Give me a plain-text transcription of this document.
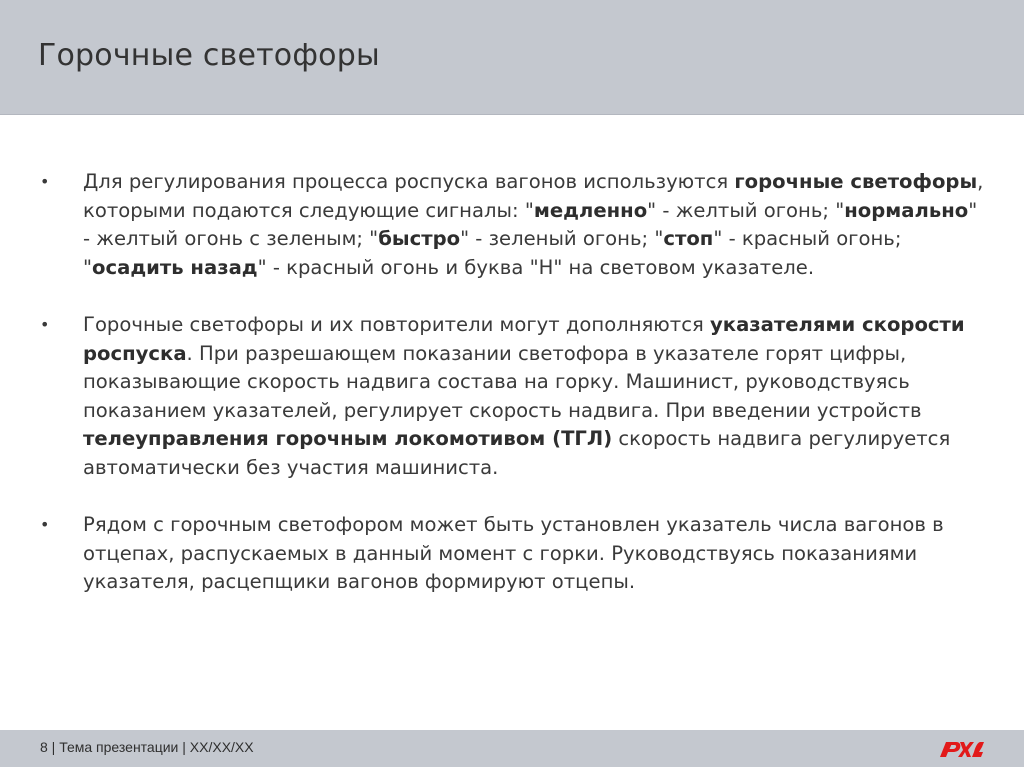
Горочные светофоры
• Для регулирования процесса роспуска вагонов используются горочные светофоры, которыми подаются следующие сигналы: "медленно" - желтый огонь; "нормально" - желтый огонь с зеленым; "быстро" - зеленый огонь; "стоп" - красный огонь; "осадить назад" - красный огонь и буква "Н" на световом указателе.
• Горочные светофоры и их повторители могут дополняются указателями скорости роспуска. При разрешающем показании светофора в указателе горят цифры, показывающие скорость надвига состава на горку. Машинист, руководствуясь показанием указателей, регулирует скорость надвига. При введении устройств телеуправления горочным локомотивом (ТГЛ) скорость надвига регулируется автоматически без участия машиниста.
• Рядом с горочным светофором может быть установлен указатель числа вагонов в отцепах, распускаемых в данный момент с горки. Руководствуясь показаниями указателя, расцепщики вагонов формируют отцепы.
8 | Тема презентации | XX/XX/XX
